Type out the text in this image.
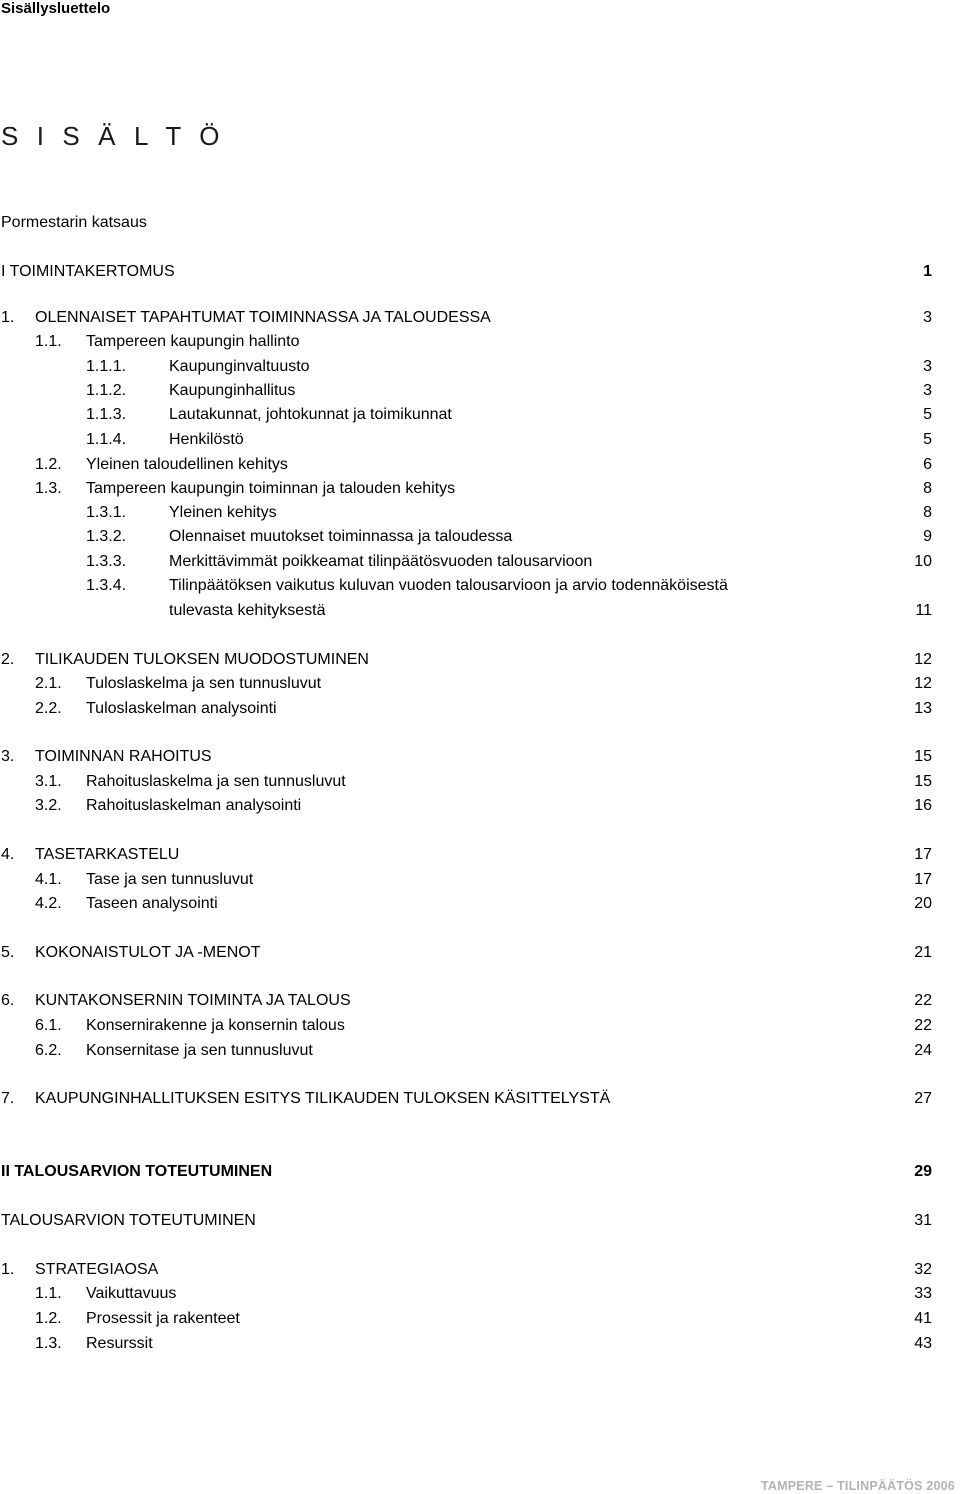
Sisällysluettelo
S I S Ä L T Ö
Pormestarin katsaus
I TOIMINTAKERTOMUS	1
1. OLENNAISET TAPAHTUMAT TOIMINNASSA JA TALOUDESSA	3
1.1. Tampereen kaupungin hallinto
1.1.1.	Kaupunginvaltuusto	3
1.1.2.	Kaupunginhallitus	3
1.1.3.	Lautakunnat, johtokunnat ja toimikunnat	5
1.1.4.	Henkilöstö	5
1.2. Yleinen taloudellinen kehitys	6
1.3. Tampereen kaupungin toiminnan ja talouden kehitys	8
1.3.1.	Yleinen kehitys	8
1.3.2.	Olennaiset muutokset toiminnassa ja taloudessa	9
1.3.3.	Merkittävimmät poikkeamat tilinpäätösvuoden talousarvioon	10
1.3.4.	Tilinpäätöksen vaikutus kuluvan vuoden talousarvioon ja arvio todennäköisestä
tulevasta kehityksestä	11
2. TILIKAUDEN TULOKSEN MUODOSTUMINEN	12
2.1. Tuloslaskelma ja sen tunnusluvut	12
2.2. Tuloslaskelman analysointi	13
3. TOIMINNAN RAHOITUS	15
3.1. Rahoituslaskelma ja sen tunnusluvut	15
3.2. Rahoituslaskelman analysointi	16
4. TASETARKASTELU	17
4.1. Tase ja sen tunnusluvut	17
4.2. Taseen analysointi	20
5. KOKONAISTULOT JA -MENOT	21
6. KUNTAKONSERNIN TOIMINTA JA TALOUS	22
6.1. Konsernirakenne ja konsernin talous	22
6.2. Konsernitase ja sen tunnusluvut	24
7. KAUPUNGINHALLITUKSEN ESITYS TILIKAUDEN TULOKSEN KÄSITTELYSTÄ	27
II TALOUSARVION TOTEUTUMINEN	29
TALOUSARVION TOTEUTUMINEN	31
1. STRATEGIAOSA	32
1.1. Vaikuttavuus	33
1.2. Prosessit ja rakenteet	41
1.3. Resurssit	43
TAMPERE – TILINPÄÄTÖS 2006
